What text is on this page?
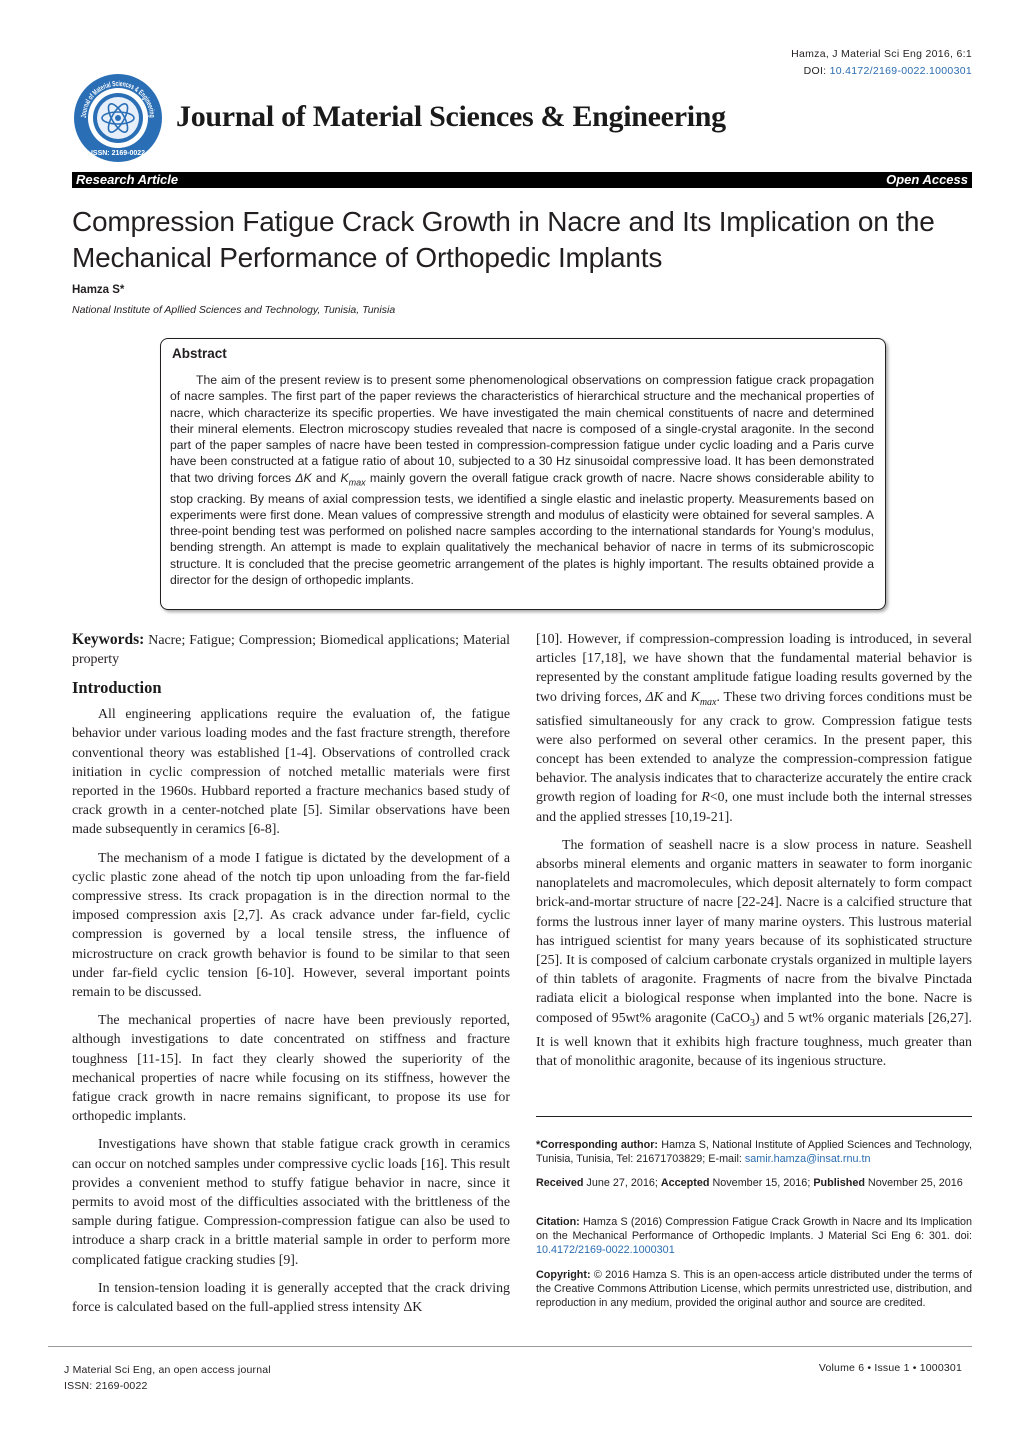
Hamza, J Material Sci Eng 2016, 6:1
DOI: 10.4172/2169-0022.1000301
Journal of Material Sciences & Engineering
ISSN: 2169-0022
Journal of Material Sciences & Engineering
Research Article	Open Access
Compression Fatigue Crack Growth in Nacre and Its Implication on the Mechanical Performance of Orthopedic Implants
Hamza S*
National Institute of Apllied Sciences and Technology, Tunisia, Tunisia
Abstract

The aim of the present review is to present some phenomenological observations on compression fatigue crack propagation of nacre samples. The first part of the paper reviews the characteristics of hierarchical structure and the mechanical properties of nacre, which characterize its specific properties. We have investigated the main chemical constituents of nacre and determined their mineral elements. Electron microscopy studies revealed that nacre is composed of a single-crystal aragonite. In the second part of the paper samples of nacre have been tested in compression-compression fatigue under cyclic loading and a Paris curve have been constructed at a fatigue ratio of about 10, subjected to a 30 Hz sinusoidal compressive load. It has been demonstrated that two driving forces ΔK and $K_{max}$ mainly govern the overall fatigue crack growth of nacre. Nacre shows considerable ability to stop cracking. By means of axial compression tests, we identified a single elastic and inelastic property. Measurements based on experiments were first done. Mean values of compressive strength and modulus of elasticity were obtained for several samples. A three-point bending test was performed on polished nacre samples according to the international standards for Young’s modulus, bending strength. An attempt is made to explain qualitatively the mechanical behavior of nacre in terms of its submicroscopic structure. It is concluded that the precise geometric arrangement of the plates is highly important. The results obtained provide a director for the design of orthopedic implants.

Keywords: Nacre; Fatigue; Compression; Biomedical applications; Material property

Introduction

All engineering applications require the evaluation of, the fatigue behavior under various loading modes and the fast fracture strength, therefore conventional theory was established [1-4]. Observations of controlled crack initiation in cyclic compression of notched metallic materials were first reported in the 1960s. Hubbard reported a fracture mechanics based study of crack growth in a center-notched plate [5]. Similar observations have been made subsequently in ceramics [6-8].

The mechanism of a mode I fatigue is dictated by the development of a cyclic plastic zone ahead of the notch tip upon unloading from the far-field compressive stress. Its crack propagation is in the direction normal to the imposed compression axis [2,7]. As crack advance under far-field, cyclic compression is governed by a local tensile stress, the influence of microstructure on crack growth behavior is found to be similar to that seen under far-field cyclic tension [6-10]. However, several important points remain to be discussed.

The mechanical properties of nacre have been previously reported, although investigations to date concentrated on stiffness and fracture toughness [11-15]. In fact they clearly showed the superiority of the mechanical properties of nacre while focusing on its stiffness, however the fatigue crack growth in nacre remains significant, to propose its use for orthopedic implants.

Investigations have shown that stable fatigue crack growth in ceramics can occur on notched samples under compressive cyclic loads [16]. This result provides a convenient method to stuffy fatigue behavior in nacre, since it permits to avoid most of the difficulties associated with the brittleness of the sample during fatigue. Compression-compression fatigue can also be used to introduce a sharp crack in a brittle material sample in order to perform more complicated fatigue cracking studies [9].

In tension-tension loading it is generally accepted that the crack driving force is calculated based on the full-applied stress intensity ΔK

[10]. However, if compression-compression loading is introduced, in several articles [17,18], we have shown that the fundamental material behavior is represented by the constant amplitude fatigue loading results governed by the two driving forces, ΔK and $K_{max}$. These two driving forces conditions must be satisfied simultaneously for any crack to grow. Compression fatigue tests were also performed on several other ceramics. In the present paper, this concept has been extended to analyze the compression-compression fatigue behavior. The analysis indicates that to characterize accurately the entire crack growth region of loading for R<0, one must include both the internal stresses and the applied stresses [10,19-21].

The formation of seashell nacre is a slow process in nature. Seashell absorbs mineral elements and organic matters in seawater to form inorganic nanoplatelets and macromolecules, which deposit alternately to form compact brick-and-mortar structure of nacre [22-24]. Nacre is a calcified structure that forms the lustrous inner layer of many marine oysters. This lustrous material has intrigued scientist for many years because of its sophisticated structure [25]. It is composed of calcium carbonate crystals organized in multiple layers of thin tablets of aragonite. Fragments of nacre from the bivalve Pinctada radiata elicit a biological response when implanted into the bone. Nacre is composed of 95wt% aragonite (CaCO$_3$) and 5 wt% organic materials [26,27]. It is well known that it exhibits high fracture toughness, much greater than that of monolithic aragonite, because of its ingenious structure.

*Corresponding author: Hamza S, National Institute of Applied Sciences and Technology, Tunisia, Tunisia, Tel: 21671703829; E-mail: samir.hamza@insat.rnu.tn
Received June 27, 2016; Accepted November 15, 2016; Published November 25, 2016
Citation: Hamza S (2016) Compression Fatigue Crack Growth in Nacre and Its Implication on the Mechanical Performance of Orthopedic Implants. J Material Sci Eng 6: 301. doi: 10.4172/2169-0022.1000301
Copyright: © 2016 Hamza S. This is an open-access article distributed under the terms of the Creative Commons Attribution License, which permits unrestricted use, distribution, and reproduction in any medium, provided the original author and source are credited.
J Material Sci Eng, an open access journal
ISSN: 2169-0022
Volume 6 • Issue 1 • 1000301
